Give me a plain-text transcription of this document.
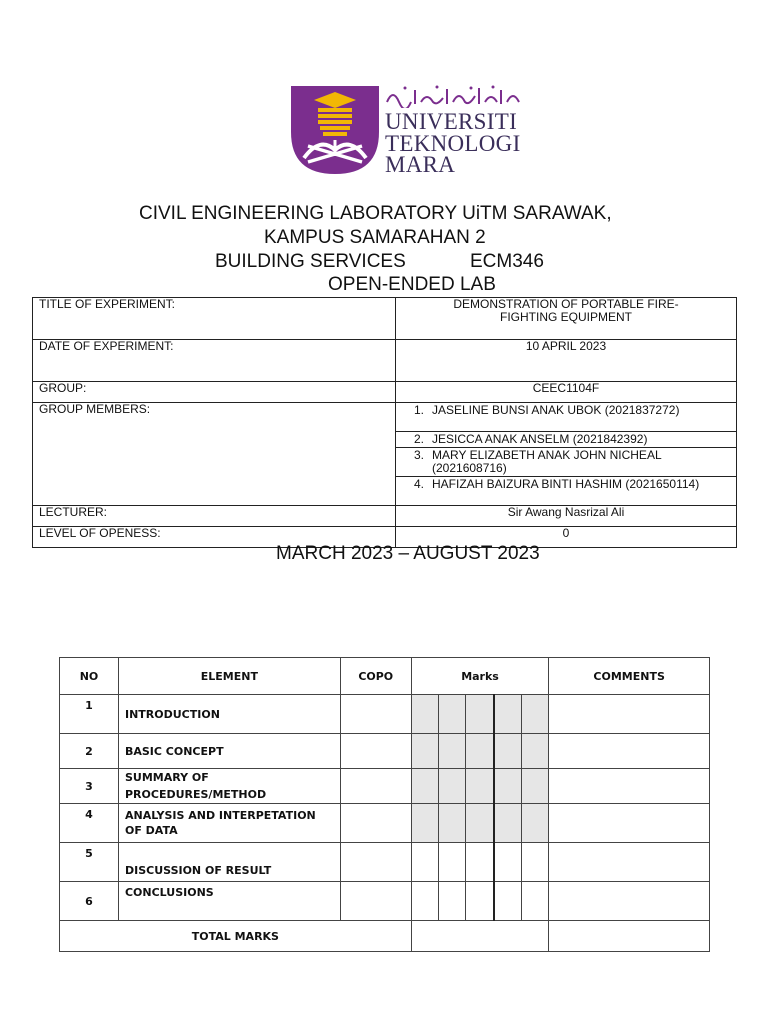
UNIVERSITI
TEKNOLOGI
MARA
CIVIL ENGINEERING LABORATORY UiTM SARAWAK,
KAMPUS SAMARAHAN 2
BUILDING SERVICES	ECM346
OPEN-ENDED LAB
TITLE OF EXPERIMENT:	DEMONSTRATION OF PORTABLE FIRE-
FIGHTING EQUIPMENT

DATE OF EXPERIMENT:	10 APRIL 2023
GROUP:	CEEC1104F
GROUP MEMBERS:		1. JASELINE BUNSI ANAK UBOK (2021837272)

2. JESICCA ANAK ANSELM (2021842392)

3. MARY ELIZABETH ANAK JOHN NICHEAL (2021608716)

4. HAFIZAH BAIZURA BINTI HASHIM (2021650114)

LECTURER:	Sir Awang Nasrizal Ali
LEVEL OF OPENESS:	0
MARCH 2023 – AUGUST 2023
NO	ELEMENT	COPO	Marks					COMMENTS
1	INTRODUCTION							
2	BASIC CONCEPT							
3	SUMMARY OF PROCEDURES/METHOD							
4	ANALYSIS AND INTERPETATION OF DATA							
5	DISCUSSION OF RESULT							
6	CONCLUSIONS							
TOTAL MARKS								
